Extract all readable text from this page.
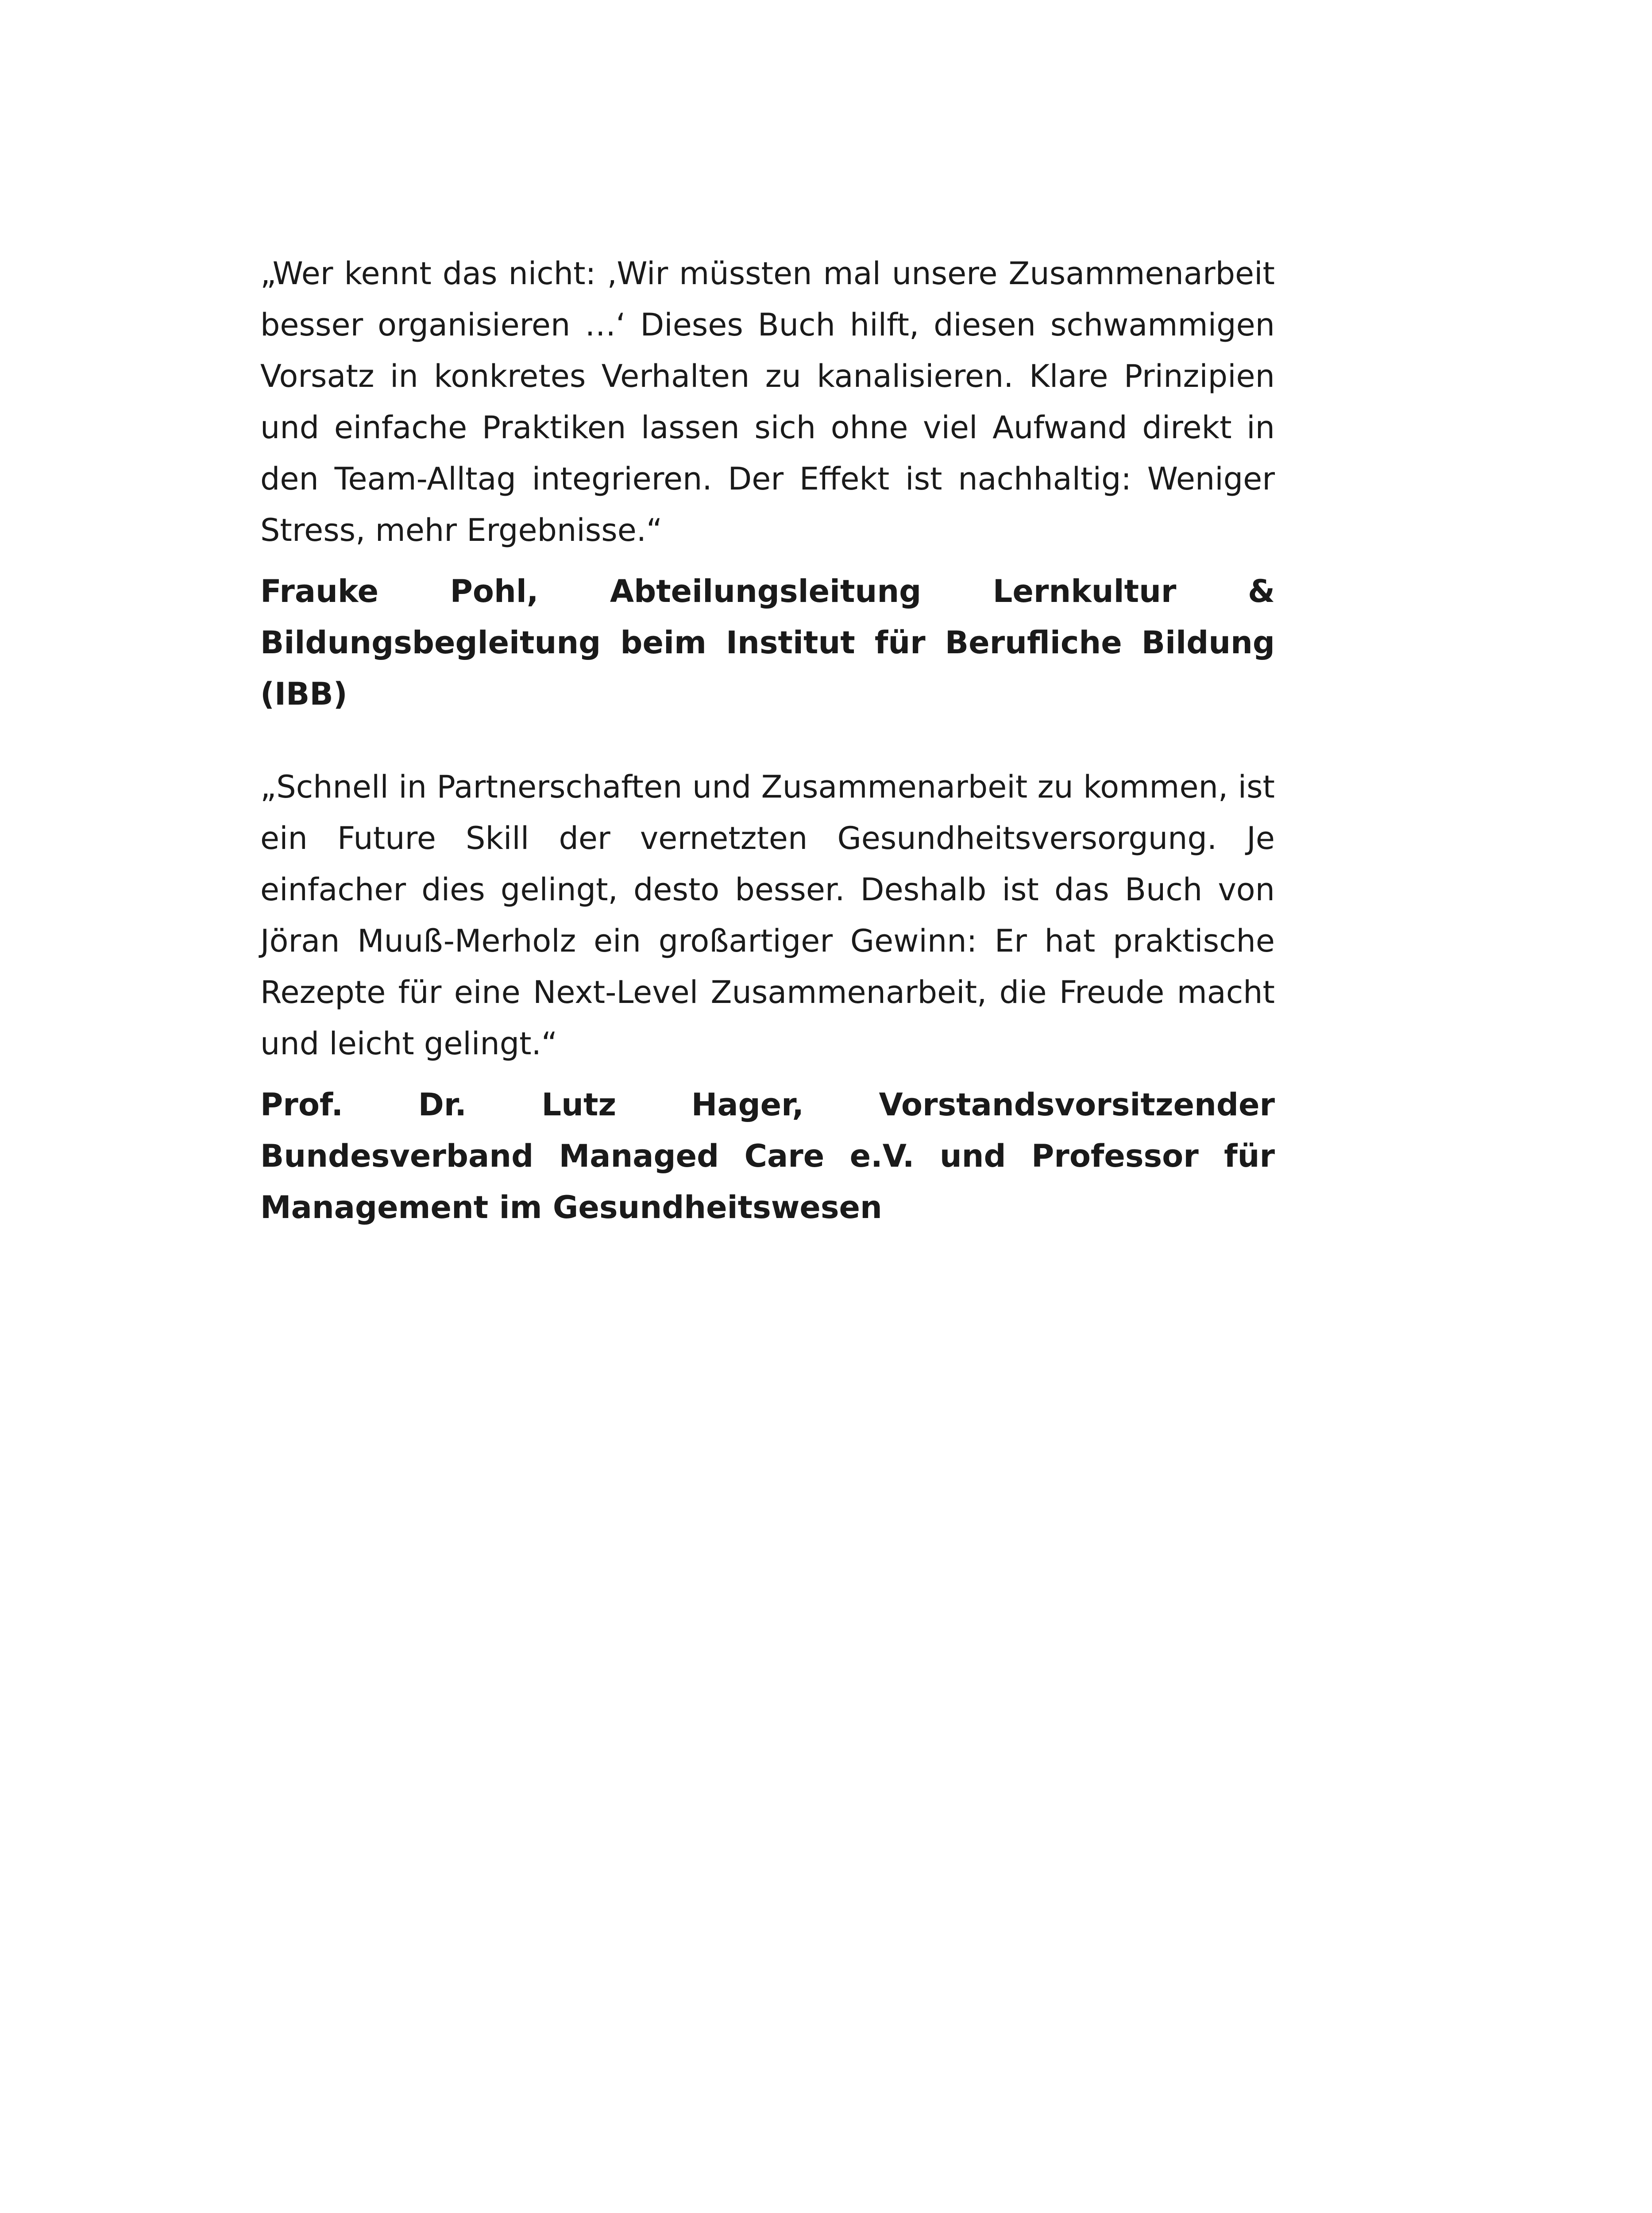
„Wer kennt das nicht: ‚Wir müssten mal unsere Zusammenarbeit besser organisieren …‘ Dieses Buch hilft, diesen schwammigen Vorsatz in konkretes Verhalten zu kanalisieren. Klare Prinzipien und einfache Praktiken lassen sich ohne viel Aufwand direkt in den Team-Alltag integrieren. Der Effekt ist nachhaltig: Weniger Stress, mehr Ergebnisse.“

Frauke Pohl, Abteilungsleitung Lernkultur & Bildungsbegleitung beim Institut für Berufliche Bildung (IBB)

„Schnell in Partnerschaften und Zusammenarbeit zu kommen, ist ein Future Skill der vernetzten Gesundheitsversorgung. Je einfacher dies gelingt, desto besser. Deshalb ist das Buch von Jöran Muuß-Merholz ein großartiger Gewinn: Er hat praktische Rezepte für eine Next-Level Zusammenarbeit, die Freude macht und leicht gelingt.“

Prof. Dr. Lutz Hager, Vorstandsvorsitzender Bundesverband Managed Care e.V. und Professor für Management im Gesundheitswesen
